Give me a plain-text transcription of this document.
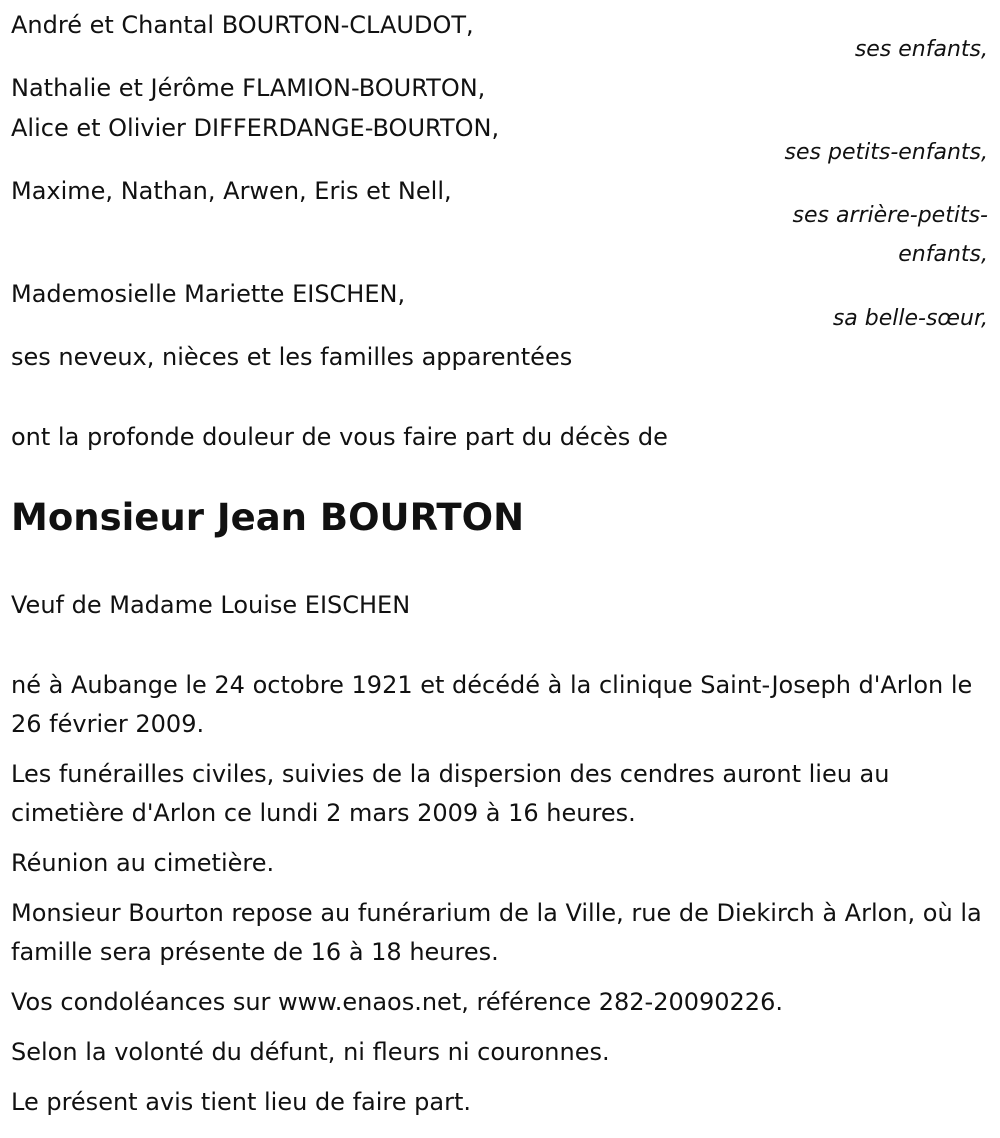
André et Chantal BOURTON-CLAUDOT,
ses enfants,
Nathalie et Jérôme FLAMION-BOURTON,
Alice et Olivier DIFFERDANGE-BOURTON,
ses petits-enfants,
Maxime, Nathan, Arwen, Eris et Nell,
ses arrière-petits-
enfants,
Mademosielle Mariette EISCHEN,
sa belle-sœur,
ses neveux, nièces et les familles apparentées
ont la profonde douleur de vous faire part du décès de
Monsieur Jean BOURTON
Veuf de Madame Louise EISCHEN
né à Aubange le 24 octobre 1921 et décédé à la clinique Saint-Joseph d'Arlon le 26 février 2009.
Les funérailles civiles, suivies de la dispersion des cendres auront lieu au cimetière d'Arlon ce lundi 2 mars 2009 à 16 heures.
Réunion au cimetière.
Monsieur Bourton repose au funérarium de la Ville, rue de Diekirch à Arlon, où la famille sera présente de 16 à 18 heures.
Vos condoléances sur www.enaos.net, référence 282-20090226.
Selon la volonté du défunt, ni fleurs ni couronnes.
Le présent avis tient lieu de faire part.
